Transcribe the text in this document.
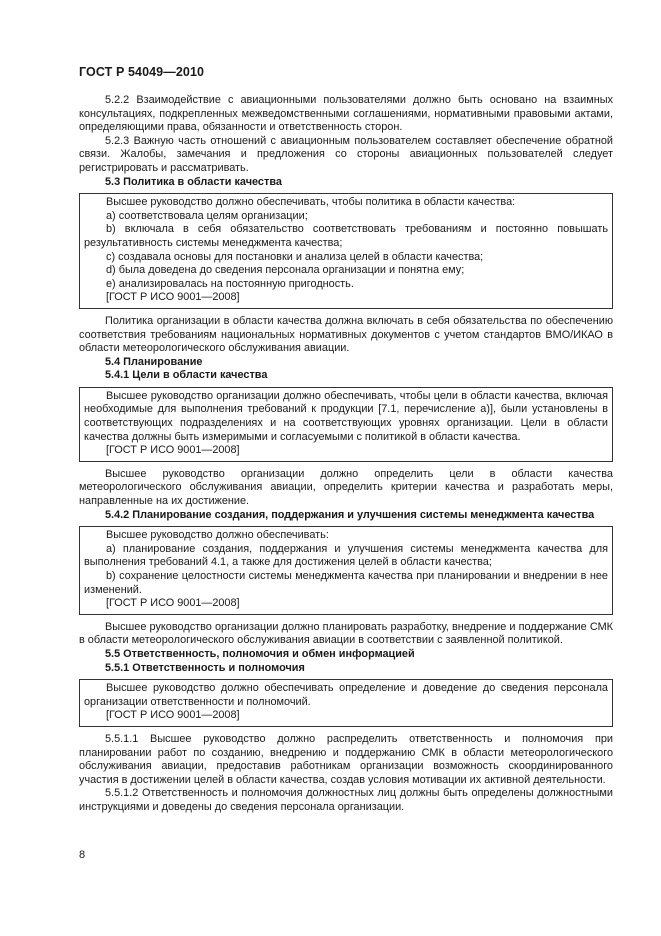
ГОСТ Р 54049—2010

5.2.2 Взаимодействие с авиационными пользователями должно быть основано на взаимных консультациях, подкрепленных межведомственными соглашениями, нормативными правовыми актами, определяющими права, обязанности и ответственность сторон.

5.2.3 Важную часть отношений с авиационным пользователем составляет обеспечение обратной связи. Жалобы, замечания и предложения со стороны авиационных пользователей следует регистрировать и рассматривать.

5.3 Политика в области качества

Высшее руководство должно обеспечивать, чтобы политика в области качества:

a) соответствовала целям организации;

b) включала в себя обязательство соответствовать требованиям и постоянно повышать результативность системы менеджмента качества;

c) создавала основы для постановки и анализа целей в области качества;

d) была доведена до сведения персонала организации и понятна ему;

e) анализировалась на постоянную пригодность.

[ГОСТ Р ИСО 9001—2008]

Политика организации в области качества должна включать в себя обязательства по обеспечению соответствия требованиям национальных нормативных документов с учетом стандартов ВМО/ИКАО в области метеорологического обслуживания авиации.

5.4 Планирование

5.4.1 Цели в области качества

Высшее руководство организации должно обеспечивать, чтобы цели в области качества, включая необходимые для выполнения требований к продукции [7.1, перечисление а)], были установлены в соответствующих подразделениях и на соответствующих уровнях организации. Цели в области качества должны быть измеримыми и согласуемыми с политикой в области качества.

[ГОСТ Р ИСО 9001—2008]

Высшее руководство организации должно определить цели в области качества метеорологического обслуживания авиации, определить критерии качества и разработать меры, направленные на их достижение.

5.4.2 Планирование создания, поддержания и улучшения системы менеджмента качества

Высшее руководство должно обеспечивать:

a) планирование создания, поддержания и улучшения системы менеджмента качества для выполнения требований 4.1, а также для достижения целей в области качества;

b) сохранение целостности системы менеджмента качества при планировании и внедрении в нее изменений.

[ГОСТ Р ИСО 9001—2008]

Высшее руководство организации должно планировать разработку, внедрение и поддержание СМК в области метеорологического обслуживания авиации в соответствии с заявленной политикой.

5.5 Ответственность, полномочия и обмен информацией

5.5.1 Ответственность и полномочия

Высшее руководство должно обеспечивать определение и доведение до сведения персонала организации ответственности и полномочий.

[ГОСТ Р ИСО 9001—2008]

5.5.1.1 Высшее руководство должно распределить ответственность и полномочия при планировании работ по созданию, внедрению и поддержанию СМК в области метеорологического обслуживания авиации, предоставив работникам организации возможность скоординированного участия в достижении целей в области качества, создав условия мотивации их активной деятельности.

5.5.1.2 Ответственность и полномочия должностных лиц должны быть определены должностными инструкциями и доведены до сведения персонала организации.

8
